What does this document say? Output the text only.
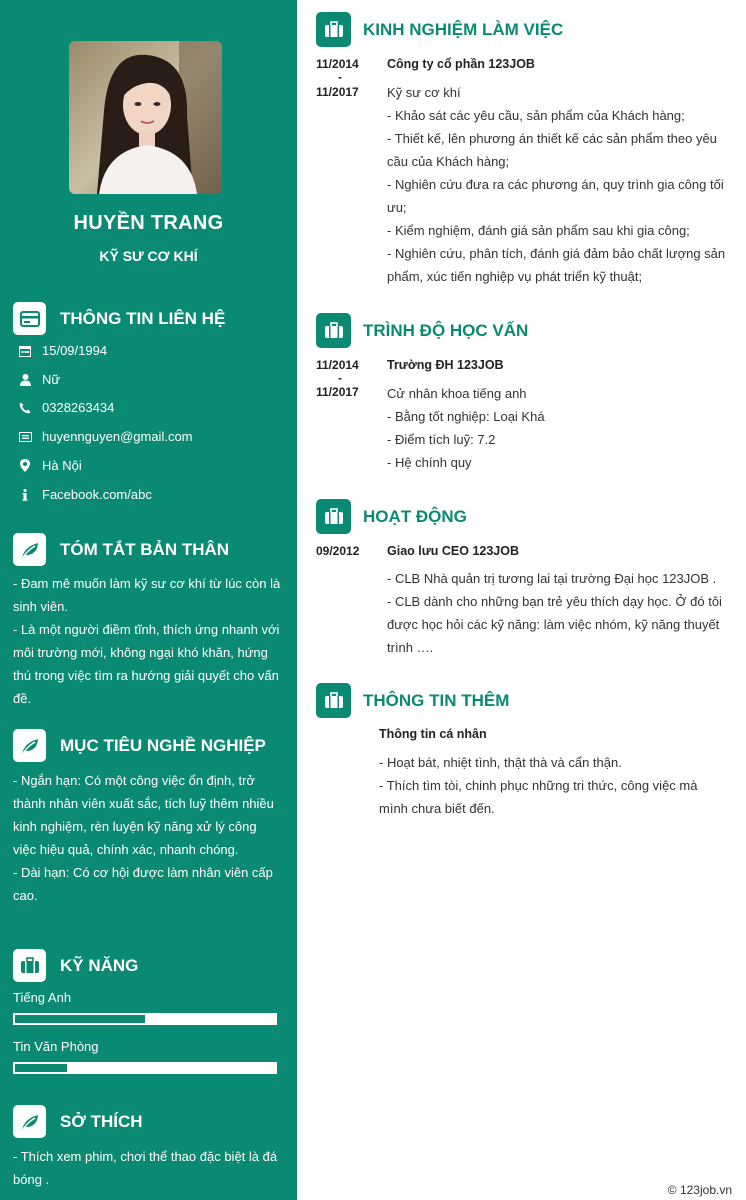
HUYỀN TRANG
KỸ SƯ CƠ KHÍ
THÔNG TIN LIÊN HỆ
15/09/1994
Nữ
0328263434
huyennguyen@gmail.com
Hà Nội
Facebook.com/abc
TÓM TẮT BẢN THÂN
- Đam mê muốn làm kỹ sư cơ khí từ lúc còn là sinh viên.
- Là một người điềm tĩnh, thích ứng nhanh với môi trường mới, không ngại khó khăn, hứng thú trong việc tìm ra hướng giải quyết cho vấn đề.
MỤC TIÊU NGHỀ NGHIỆP
- Ngắn hạn: Có một công việc ổn định, trở thành nhân viên xuất sắc, tích luỹ thêm nhiều kinh nghiệm, rèn luyện kỹ năng xử lý công việc hiệu quả, chính xác, nhanh chóng.
- Dài hạn: Có cơ hội được làm nhân viên cấp cao.
KỸ NĂNG
Tiếng Anh
Tin Văn Phòng
SỞ THÍCH
- Thích xem phim, chơi thể thao đặc biệt là đá bóng .
KINH NGHIỆM LÀM VIỆC
11/2014
-
11/2017
Công ty cổ phần 123JOB
Kỹ sư cơ khí
- Khảo sát các yêu cầu, sản phẩm của Khách hàng;
- Thiết kế, lên phương án thiết kế các sản phẩm theo yêu cầu của Khách hàng;
- Nghiên cứu đưa ra các phương án, quy trình gia công tối ưu;
- Kiểm nghiệm, đánh giá sản phẩm sau khi gia công;
- Nghiên cứu, phân tích, đánh giá đảm bảo chất lượng sản phẩm, xúc tiến nghiệp vụ phát triển kỹ thuật;
TRÌNH ĐỘ HỌC VẤN
11/2014
-
11/2017
Trường ĐH 123JOB
Cử nhân khoa tiếng anh
- Bằng tốt nghiệp: Loại Khá
- Điểm tích luỹ: 7.2
- Hệ chính quy
HOẠT ĐỘNG
09/2012 Giao lưu CEO 123JOB
- CLB Nhà quản trị tương lai tại trường Đại học 123JOB .
- CLB dành cho những bạn trẻ yêu thích dạy học. Ở đó tôi được học hỏi các kỹ năng: làm việc nhóm, kỹ năng thuyết trình ….
THÔNG TIN THÊM
Thông tin cá nhân
- Hoạt bát, nhiệt tình, thật thà và cẩn thận.
- Thích tìm tòi, chinh phục những tri thức, công việc mà mình chưa biết đến.
© 123job.vn
